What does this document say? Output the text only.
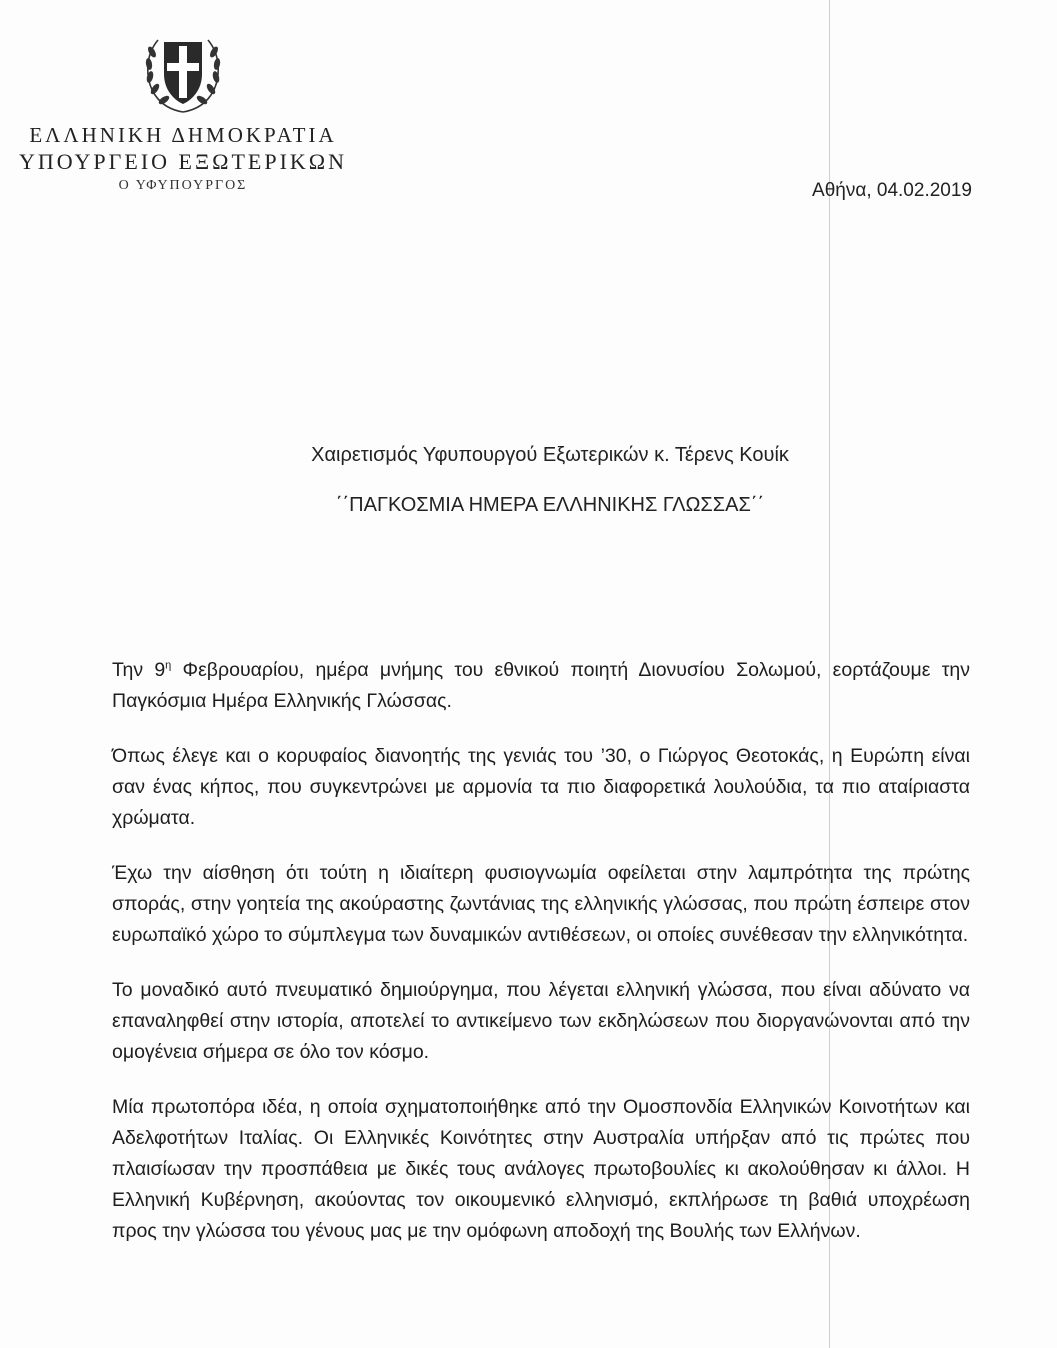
ΕΛΛΗΝΙΚΗ ΔΗΜΟΚΡΑΤΙΑ
ΥΠΟΥΡΓΕΙΟ ΕΞΩΤΕΡΙΚΩΝ
Ο ΥΦΥΠΟΥΡΓΟΣ	Αθήνα, 04.02.2019
Χαιρετισμός Υφυπουργού Εξωτερικών κ. Τέρενς Κουίκ
΄΄ΠΑΓΚΟΣΜΙΑ ΗΜΕΡΑ ΕΛΛΗΝΙΚΗΣ ΓΛΩΣΣΑΣ΄΄

Την $9^\eta$ Φεβρουαρίου, ημέρα μνήμης του εθνικού ποιητή Διονυσίου Σολωμού, εορτάζουμε την Παγκόσμια Ημέρα Ελληνικής Γλώσσας.

Όπως έλεγε και ο κορυφαίος διανοητής της γενιάς του ’30, ο Γιώργος Θεοτοκάς, η Ευρώπη είναι σαν ένας κήπος, που συγκεντρώνει με αρμονία τα πιο διαφορετικά λουλούδια, τα πιο αταίριαστα χρώματα.

Έχω την αίσθηση ότι τούτη η ιδιαίτερη φυσιογνωμία οφείλεται στην λαμπρότητα της πρώτης σποράς, στην γοητεία της ακούραστης ζωντάνιας της ελληνικής γλώσσας, που πρώτη έσπειρε στον ευρωπαϊκό χώρο το σύμπλεγμα των δυναμικών αντιθέσεων, οι οποίες συνέθεσαν την ελληνικότητα.

Το μοναδικό αυτό πνευματικό δημιούργημα, που λέγεται ελληνική γλώσσα, που είναι αδύνατο να επαναληφθεί στην ιστορία, αποτελεί το αντικείμενο των εκδηλώσεων που διοργανώνονται από την ομογένεια σήμερα σε όλο τον κόσμο.

Μία πρωτοπόρα ιδέα, η οποία σχηματοποιήθηκε από την Ομοσπονδία Ελληνικών Κοινοτήτων και Αδελφοτήτων Ιταλίας. Οι Ελληνικές Κοινότητες στην Αυστραλία υπήρξαν από τις πρώτες που πλαισίωσαν την προσπάθεια με δικές τους ανάλογες πρωτοβουλίες κι ακολούθησαν κι άλλοι. Η Ελληνική Κυβέρνηση, ακούοντας τον οικουμενικό ελληνισμό, εκπλήρωσε τη βαθιά υποχρέωση προς την γλώσσα του γένους μας με την ομόφωνη αποδοχή της Βουλής των Ελλήνων.
